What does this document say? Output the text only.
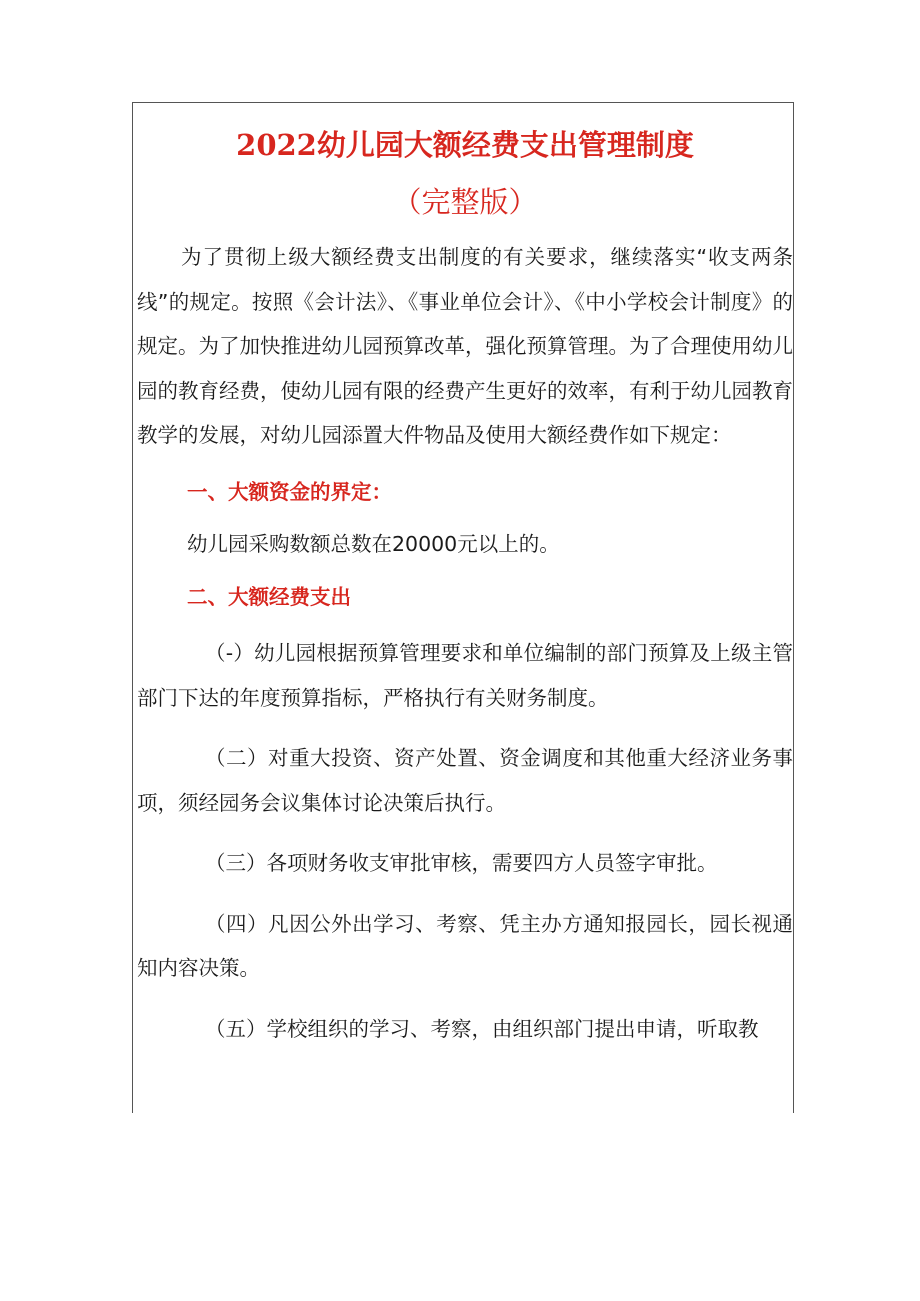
2022幼儿园大额经费支出管理制度
（完整版）

为了贯彻上级大额经费支出制度的有关要求，继续落实“收支两条线”的规定。按照《会计法》、《事业单位会计》、《中小学校会计制度》的规定。为了加快推进幼儿园预算改革，强化预算管理。为了合理使用幼儿园的教育经费，使幼儿园有限的经费产生更好的效率，有利于幼儿园教育教学的发展，对幼儿园添置大件物品及使用大额经费作如下规定：

一、大额资金的界定：

幼儿园采购数额总数在20000元以上的。

二、大额经费支出

（-）幼儿园根据预算管理要求和单位编制的部门预算及上级主管部门下达的年度预算指标，严格执行有关财务制度。

（二）对重大投资、资产处置、资金调度和其他重大经济业务事项，须经园务会议集体讨论决策后执行。

（三）各项财务收支审批审核，需要四方人员签字审批。

（四）凡因公外出学习、考察、凭主办方通知报园长，园长视通知内容决策。

（五）学校组织的学习、考察，由组织部门提出申请，听取教
